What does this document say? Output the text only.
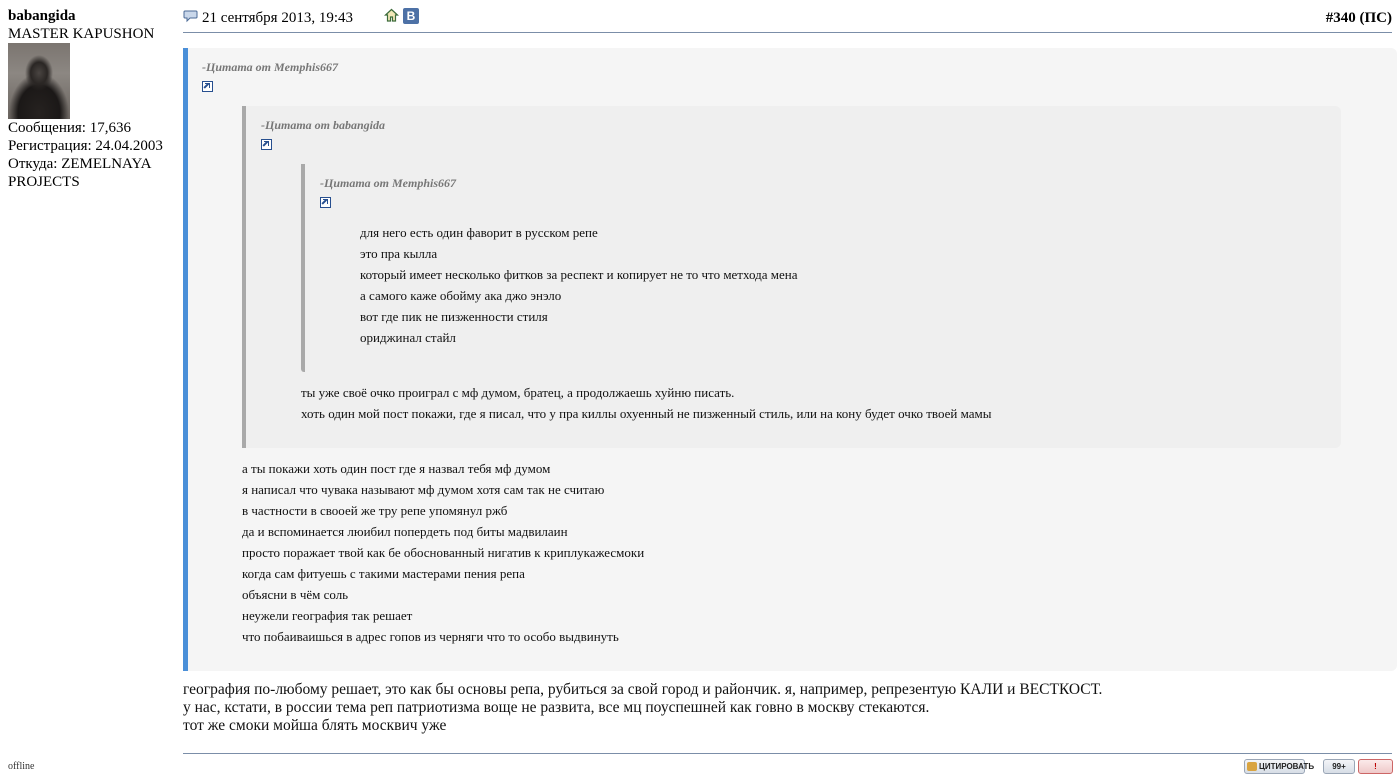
babangida
MASTER KAPUSHON
Сообщения: 17,636
Регистрация: 24.04.2003
Откуда: ZEMELNAYA PROJECTS
offline
21 сентября 2013, 19:43	В	#340 (ПС)
-Цитата от Memphis667
-Цитата от babangida
-Цитата от Memphis667
для него есть один фаворит в русском репе
это пра кылла
который имеет несколько фитков за респект и копирует не то что метхода мена
а самого каже обойму ака джо энэло
вот где пик не пизженности стиля
ориджинал стайл
ты уже своё очко проиграл с мф думом, братец, а продолжаешь хуйню писать.
хоть один мой пост покажи, где я писал, что у пра киллы охуенный не пизженный стиль, или на кону будет очко твоей мамы
а ты покажи хоть один пост где я назвал тебя мф думом
я написал что чувака называют мф думом хотя сам так не считаю
в частности в свооей же тру репе упомянул ржб
да и вспоминается люибил попердеть под биты мадвилаин
просто поражает твой как бе обоснованный нигатив к криплукажесмоки
когда сам фитуешь с такими мастерами пения репа
объясни в чём соль
неужели география так решает
что побаиваишься в адрес гопов из черняги что то особо выдвинуть
география по-любому решает, это как бы основы репа, рубиться за свой город и райончик. я, например, репрезентую КАЛИ и ВЕСТКОСТ.
у нас, кстати, в россии тема реп патриотизма воще не развита, все мц поуспешней как говно в москву стекаются.
тот же смоки мойша блять москвич уже
ЦИТИРОВАТЬ	99+	!
